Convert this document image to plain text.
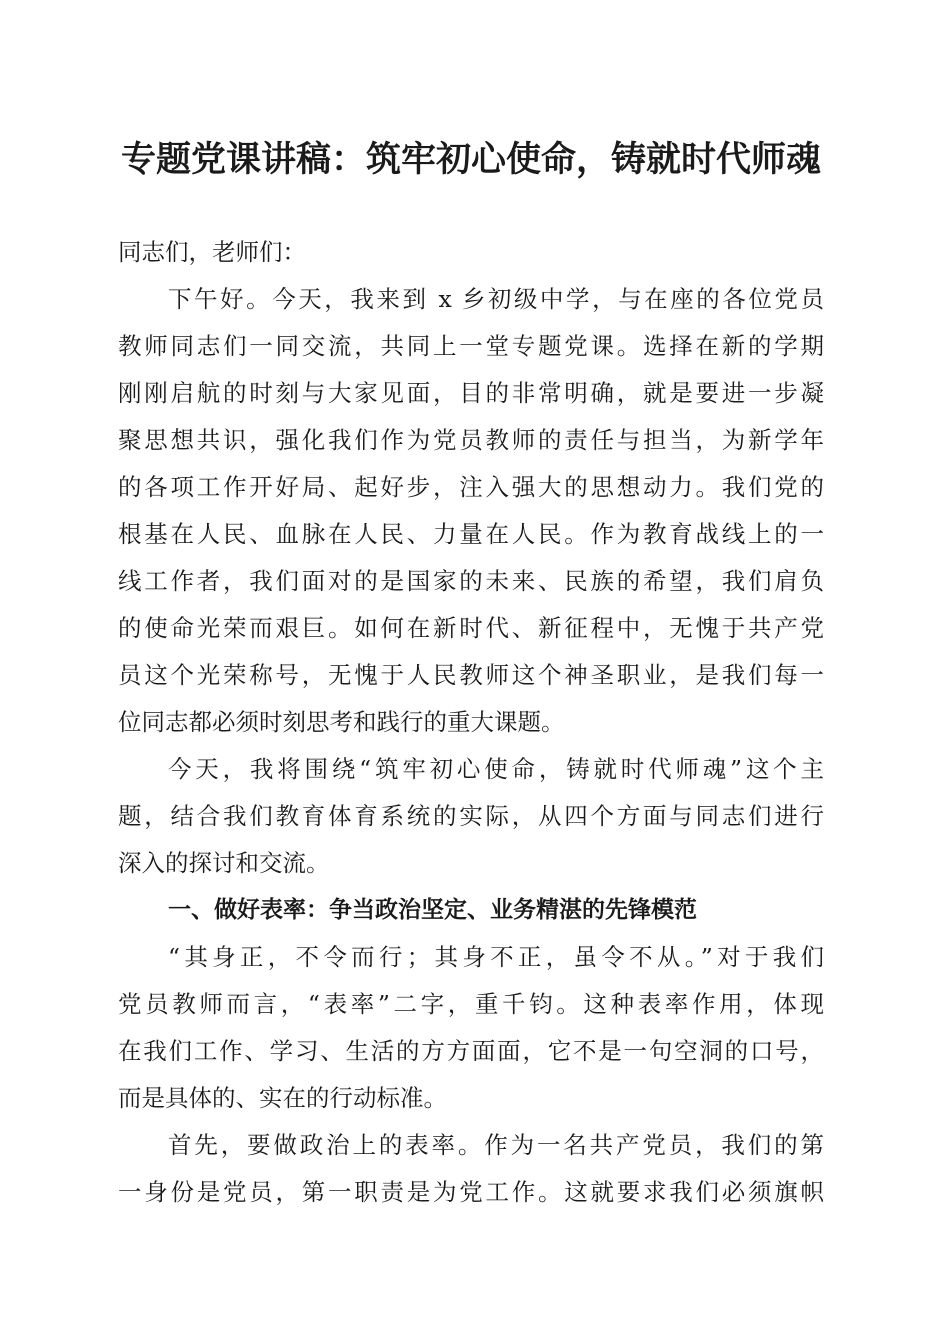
专题党课讲稿：筑牢初心使命，铸就时代师魂
同志们，老师们：
下午好。今天，我来到 x 乡初级中学，与在座的各位党员
教师同志们一同交流，共同上一堂专题党课。选择在新的学期
刚刚启航的时刻与大家见面，目的非常明确，就是要进一步凝
聚思想共识，强化我们作为党员教师的责任与担当，为新学年
的各项工作开好局、起好步，注入强大的思想动力。我们党的
根基在人民、血脉在人民、力量在人民。作为教育战线上的一
线工作者，我们面对的是国家的未来、民族的希望，我们肩负
的使命光荣而艰巨。如何在新时代、新征程中，无愧于共产党
员这个光荣称号，无愧于人民教师这个神圣职业，是我们每一
位同志都必须时刻思考和践行的重大课题。
今天，我将围绕“筑牢初心使命，铸就时代师魂”这个主
题，结合我们教育体育系统的实际，从四个方面与同志们进行
深入的探讨和交流。
一、做好表率：争当政治坚定、业务精湛的先锋模范
“其身正，不令而行；其身不正，虽令不从。”对于我们
党员教师而言，“表率”二字，重千钧。这种表率作用，体现
在我们工作、学习、生活的方方面面，它不是一句空洞的口号，
而是具体的、实在的行动标准。
首先，要做政治上的表率。作为一名共产党员，我们的第
一身份是党员，第一职责是为党工作。这就要求我们必须旗帜
